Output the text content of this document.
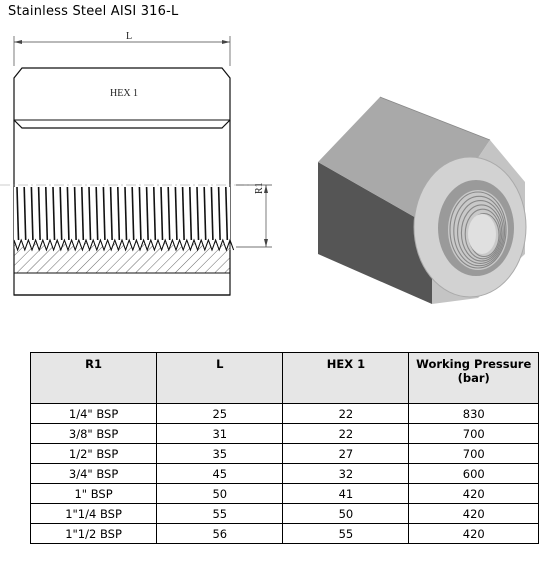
Stainless Steel AISI 316-L
L
HEX 1
R1
R1	L	HEX 1	Working Pressure (bar)
1/4" BSP	25	22	830
3/8" BSP	31	22	700
1/2" BSP	35	27	700
3/4" BSP	45	32	600
1" BSP	50	41	420
1"1/4 BSP	55	50	420
1"1/2 BSP	56	55	420
